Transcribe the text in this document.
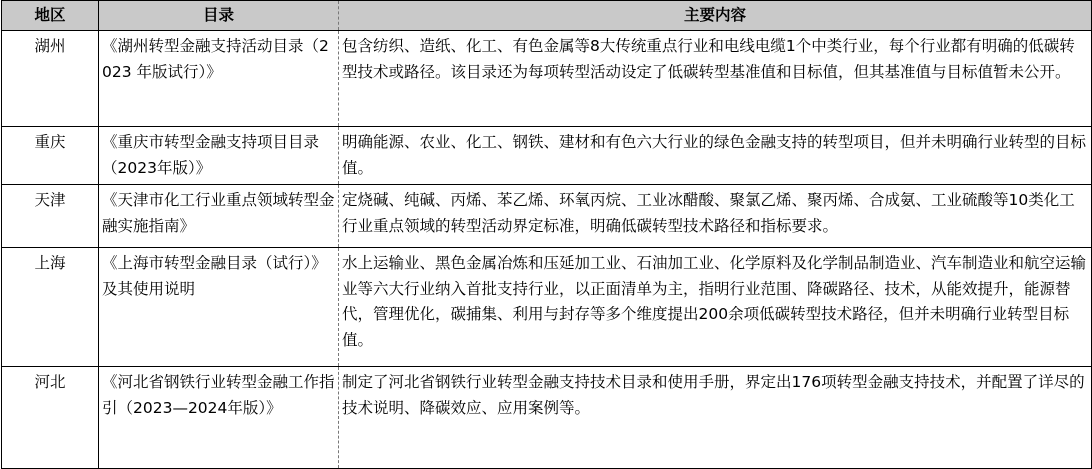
地区	目录	主要内容
湖州	《湖州转型金融支持活动目录（2023 年版试行）》	包含纺织、造纸、化工、有色金属等8大传统重点行业和电线电缆1个中类行业，每个行业都有明确的低碳转型技术或路径。该目录还为每项转型活动设定了低碳转型基准值和目标值，但其基准值与目标值暂未公开。
重庆	《重庆市转型金融支持项目目录（2023年版）》	明确能源、农业、化工、钢铁、建材和有色六大行业的绿色金融支持的转型项目，但并未明确行业转型的目标值。
天津	《天津市化工行业重点领域转型金融实施指南》	定烧碱、纯碱、丙烯、苯乙烯、环氧丙烷、工业冰醋酸、聚氯乙烯、聚丙烯、合成氨、工业硫酸等10类化工行业重点领域的转型活动界定标准，明确低碳转型技术路径和指标要求。
上海	《上海市转型金融目录（试行）》及其使用说明	水上运输业、黑色金属冶炼和压延加工业、石油加工业、化学原料及化学制品制造业、汽车制造业和航空运输业等六大行业纳入首批支持行业，以正面清单为主，指明行业范围、降碳路径、技术，从能效提升，能源替代，管理优化，碳捕集、利用与封存等多个维度提出200余项低碳转型技术路径，但并未明确行业转型目标值。
河北	《河北省钢铁行业转型金融工作指引（2023—2024年版）》	制定了河北省钢铁行业转型金融支持技术目录和使用手册，界定出176项转型金融支持技术，并配置了详尽的技术说明、降碳效应、应用案例等。
